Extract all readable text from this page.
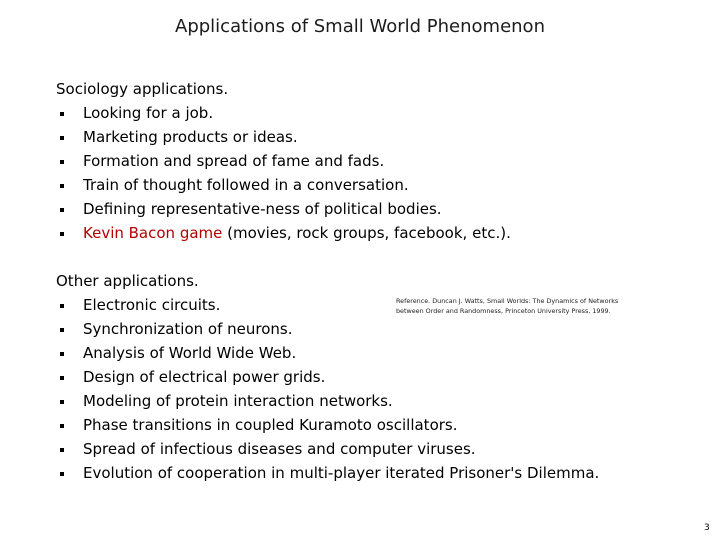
Applications of Small World Phenomenon
Sociology applications.
Looking for a job.
Marketing products or ideas.
Formation and spread of fame and fads.
Train of thought followed in a conversation.
Defining representative-ness of political bodies.
Kevin Bacon game (movies, rock groups, facebook, etc.).
Other applications.
Electronic circuits.
Synchronization of neurons.
Analysis of World Wide Web.
Design of electrical power grids.
Modeling of protein interaction networks.
Phase transitions in coupled Kuramoto oscillators.
Spread of infectious diseases and computer viruses.
Evolution of cooperation in multi-player iterated Prisoner's Dilemma.
Reference. Duncan J. Watts, Small Worlds: The Dynamics of Networks
between Order and Randomness, Princeton University Press, 1999.
3
